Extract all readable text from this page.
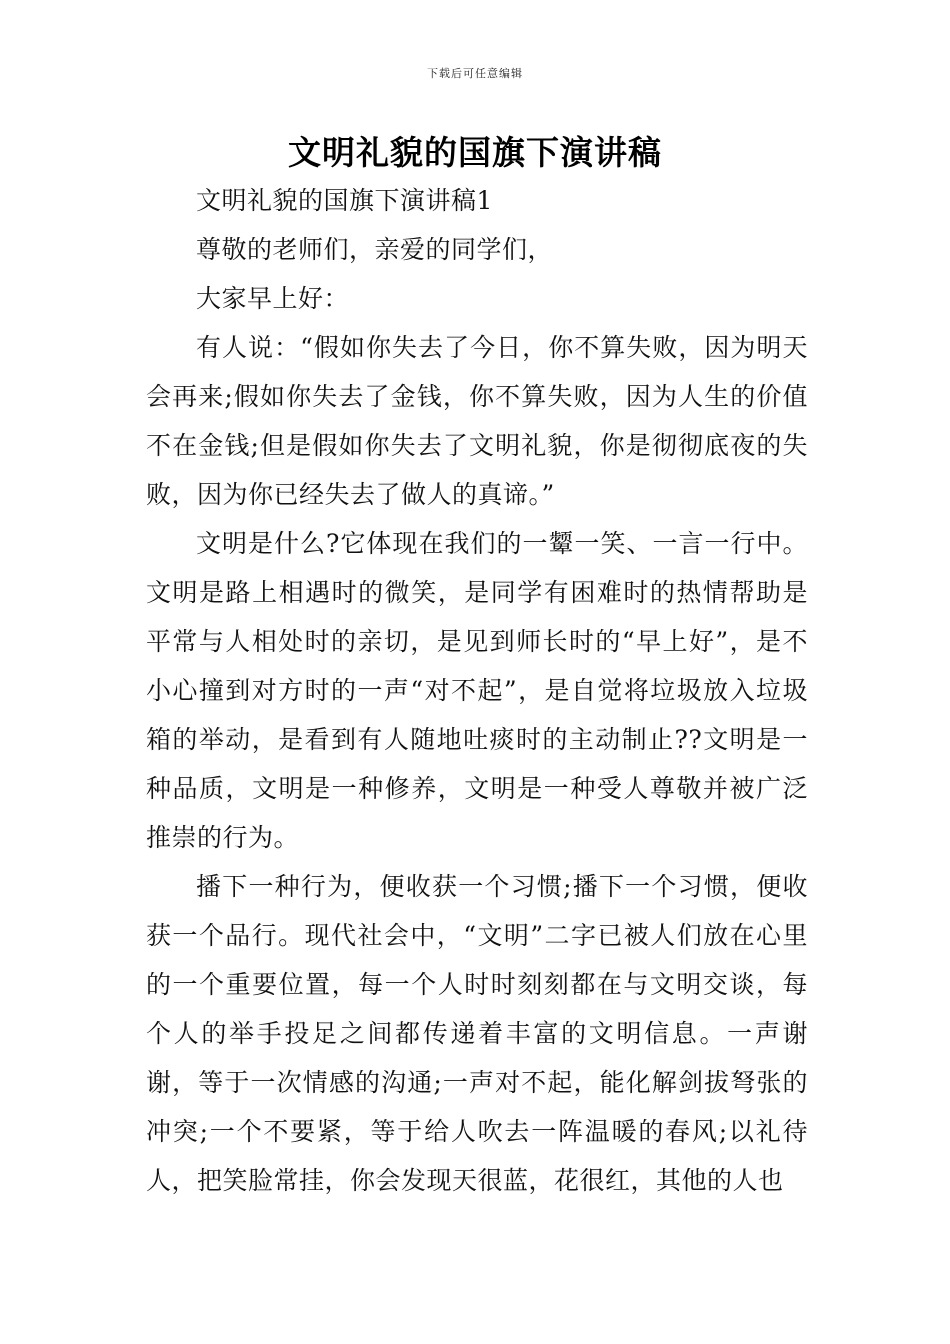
下载后可任意编辑
文明礼貌的国旗下演讲稿

文明礼貌的国旗下演讲稿1

尊敬的老师们，亲爱的同学们，

大家早上好：

有人说：“假如你失去了今日，你不算失败，因为明天会再来;假如你失去了金钱，你不算失败，因为人生的价值不在金钱;但是假如你失去了文明礼貌，你是彻彻底夜的失败，因为你已经失去了做人的真谛。”

文明是什么?它体现在我们的一颦一笑、一言一行中。文明是路上相遇时的微笑，是同学有困难时的热情帮助是平常与人相处时的亲切，是见到师长时的“早上好”，是不小心撞到对方时的一声“对不起”，是自觉将垃圾放入垃圾箱的举动，是看到有人随地吐痰时的主动制止??文明是一种品质，文明是一种修养，文明是一种受人尊敬并被广泛推崇的行为。

播下一种行为，便收获一个习惯;播下一个习惯，便收获一个品行。现代社会中，“文明”二字已被人们放在心里的一个重要位置，每一个人时时刻刻都在与文明交谈，每个人的举手投足之间都传递着丰富的文明信息。一声谢谢，等于一次情感的沟通;一声对不起，能化解剑拔弩张的冲突;一个不要紧，等于给人吹去一阵温暖的春风;以礼待人，把笑脸常挂，你会发现天很蓝，花很红，其他的人也
